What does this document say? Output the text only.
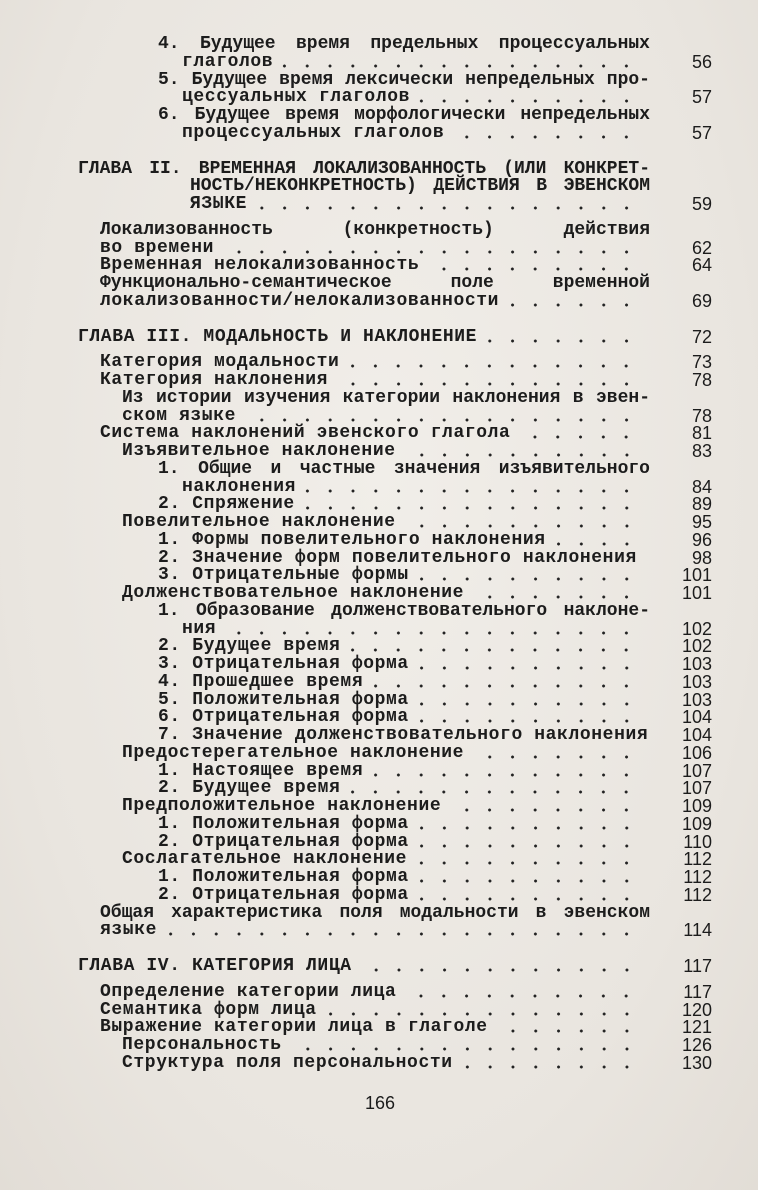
4. Будущее время предельных процессуальных
глаголов	56
5. Будущее время лексически непредельных про-
цессуальных глаголов	57
6. Будущее время морфологически непредельных
процессуальных глаголов	57
ГЛАВА II. ВРЕМЕННАЯ ЛОКАЛИЗОВАННОСТЬ (ИЛИ КОНКРЕТ-
НОСТЬ/НЕКОНКРЕТНОСТЬ) ДЕЙСТВИЯ В ЭВЕНСКОМ
ЯЗЫКЕ	59
Локализованность (конкретность) действия
во времени	62
Временная нелокализованность	64
Функционально-семантическое поле временной
локализованности/нелокализованности	69
ГЛАВА III. МОДАЛЬНОСТЬ И НАКЛОНЕНИЕ	72
Категория модальности	73
Категория наклонения	78
Из истории изучения категории наклонения в эвен-
ском языке	78
Система наклонений эвенского глагола	81
Изъявительное наклонение	83
1. Общие и частные значения изъявительного
наклонения	84
2. Спряжение	89
Повелительное наклонение	95
1. Формы повелительного наклонения	96
2. Значение форм повелительного наклонения	98
3. Отрицательные формы	101
Долженствовательное наклонение	101
1. Образование долженствовательного наклоне-
ния	102
2. Будущее время	102
3. Отрицательная форма	103
4. Прошедшее время	103
5. Положительная форма	103
6. Отрицательная форма	104
7. Значение долженствовательного наклонения	104
Предостерегательное наклонение	106
1. Настоящее время	107
2. Будущее время	107
Предположительное наклонение	109
1. Положительная форма	109
2. Отрицательная форма	110
Сослагательное наклонение	112
1. Положительная форма	112
2. Отрицательная форма	112
Общая характеристика поля модальности в эвенском
языке	114
ГЛАВА IV. КАТЕГОРИЯ ЛИЦА	117
Определение категории лица	117
Семантика форм лица	120
Выражение категории лица в глаголе	121
Персональность	126
Структура поля персональности	130
166
